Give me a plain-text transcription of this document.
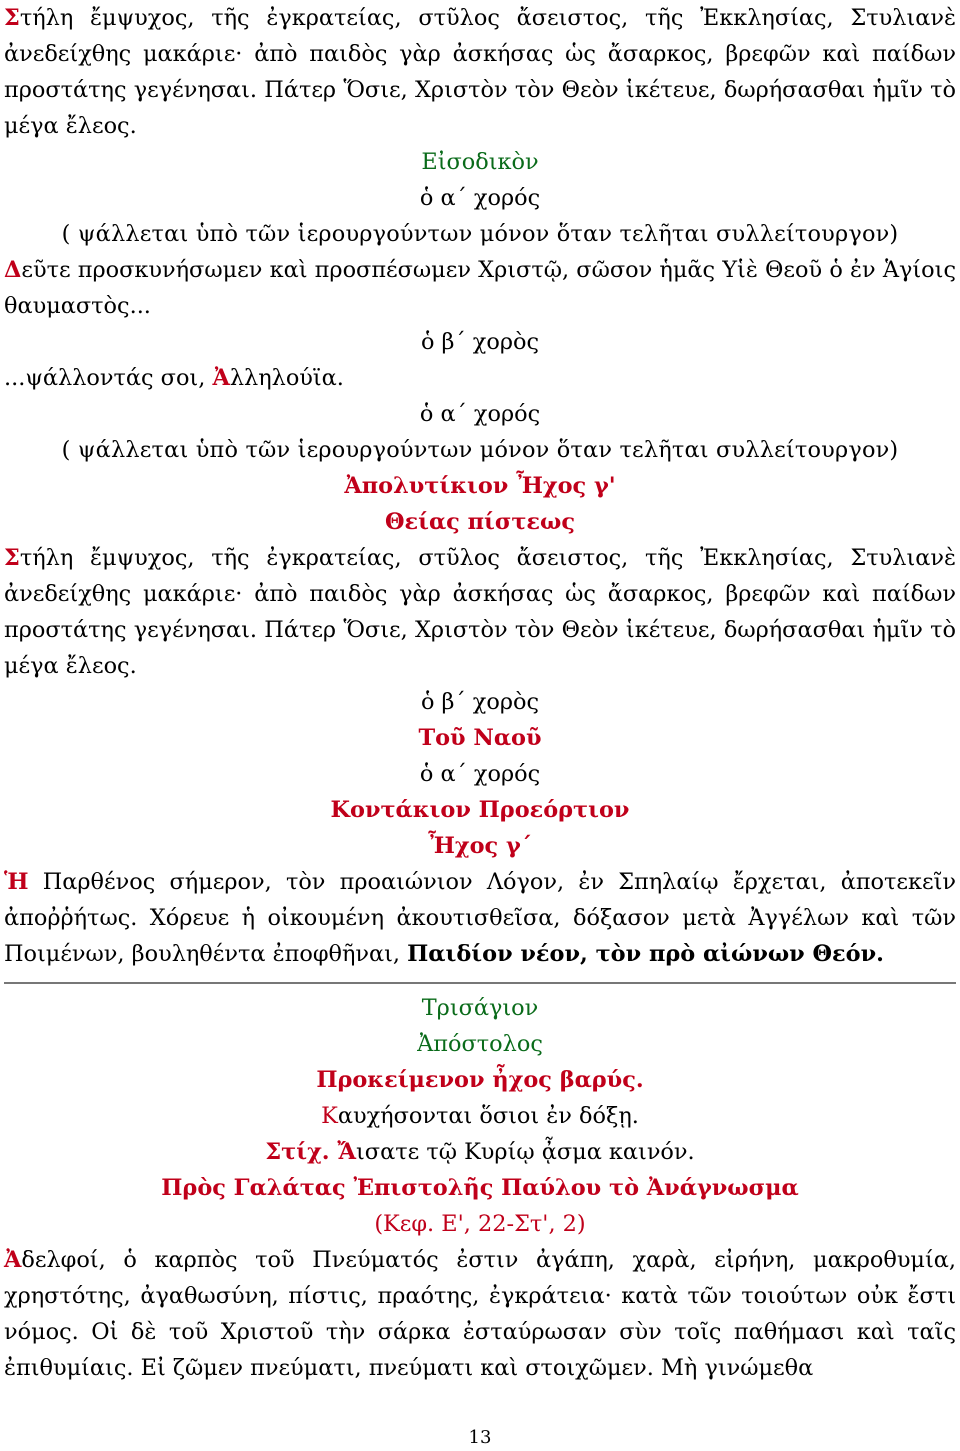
Στήλη ἔμψυχος, τῆς ἐγκρατείας, στῦλος ἄσειστος, τῆς Ἐκκλησίας, Στυλιανὲ ἀνεδείχθης μακάριε· ἀπὸ παιδὸς γὰρ ἀσκήσας ὡς ἄσαρκος, βρεφῶν καὶ παίδων προστάτης γεγένησαι. Πάτερ Ὅσιε, Χριστὸν τὸν Θεὸν ἱκέτευε, δωρήσασθαι ἡμῖν τὸ μέγα ἔλεος.

Εἰσοδικὸν

ὁ α΄ χορός

( ψάλλεται ὑπὸ τῶν ἱερουργούντων μόνον ὅταν τελῆται συλλείτουργον)

Δεῦτε προσκυνήσωμεν καὶ προσπέσωμεν Χριστῷ, σῶσον ἡμᾶς Υἱὲ Θεοῦ ὁ ἐν Ἁγίοις θαυμαστὸς...

ὁ β΄ χορὸς

...ψάλλοντάς σοι, Ἀλληλούϊα.

ὁ α΄ χορός

( ψάλλεται ὑπὸ τῶν ἱερουργούντων μόνον ὅταν τελῆται συλλείτουργον)

Ἀπολυτίκιον Ἦχος γ'

Θείας πίστεως

Στήλη ἔμψυχος, τῆς ἐγκρατείας, στῦλος ἄσειστος, τῆς Ἐκκλησίας, Στυλιανὲ ἀνεδείχθης μακάριε· ἀπὸ παιδὸς γὰρ ἀσκήσας ὡς ἄσαρκος, βρεφῶν καὶ παίδων προστάτης γεγένησαι. Πάτερ Ὅσιε, Χριστὸν τὸν Θεὸν ἱκέτευε, δωρήσασθαι ἡμῖν τὸ μέγα ἔλεος.

ὁ β΄ χορὸς

Τοῦ Ναοῦ

ὁ α΄ χορός

Κοντάκιον Προεόρτιον

Ἦχος γ΄

Ἡ Παρθένος σήμερον, τὸν προαιώνιον Λόγον, ἐν Σπηλαίῳ ἔρχεται, ἀποτεκεῖν ἀποῤῥήτως. Χόρευε ἡ οἰκουμένη ἀκουτισθεῖσα, δόξασον μετὰ Ἀγγέλων καὶ τῶν Ποιμένων, βουληθέντα ἐποφθῆναι, Παιδίον νέον, τὸν πρὸ αἰώνων Θεόν.

Τρισάγιον

Ἀπόστολος

Προκείμενον ἦχος βαρύς.

Καυχήσονται ὅσιοι ἐν δόξῃ.

Στίχ. Ἄισατε τῷ Κυρίῳ ᾆσμα καινόν.

Πρὸς Γαλάτας Ἐπιστολῆς Παύλου τὸ Ἀνάγνωσμα

(Κεφ. Ε', 22-Στ', 2)

Ἀδελφοί, ὁ καρπὸς τοῦ Πνεύματός ἐστιν ἀγάπη, χαρὰ, εἰρήνη, μακροθυμία, χρηστότης, ἀγαθωσύνη, πίστις, πραότης, ἐγκράτεια· κατὰ τῶν τοιούτων οὐκ ἔστι νόμος. Οἱ δὲ τοῦ Χριστοῦ τὴν σάρκα ἐσταύρωσαν σὺν τοῖς παθήμασι καὶ ταῖς ἐπιθυμίαις. Εἰ ζῶμεν πνεύματι, πνεύματι καὶ στοιχῶμεν. Μὴ γινώμεθα

13
